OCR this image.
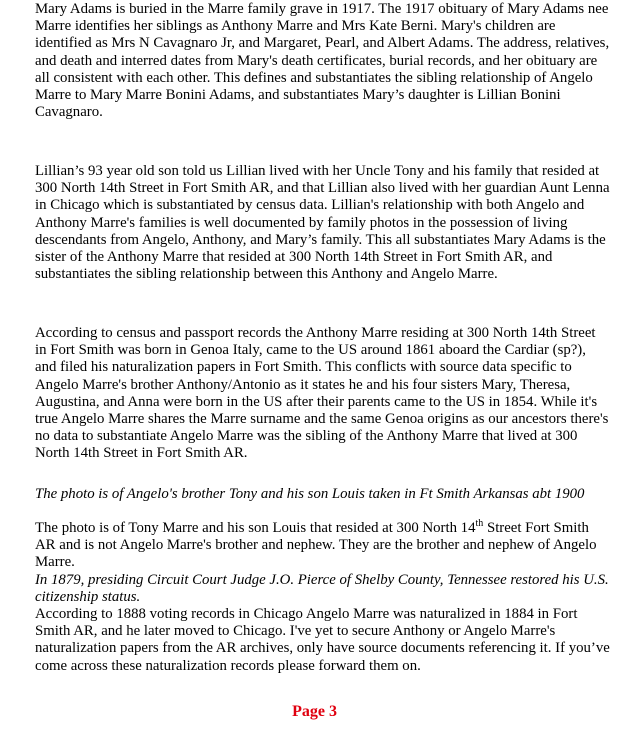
Mary Adams is buried in the Marre family grave in 1917. The 1917 obituary of Mary Adams nee Marre identifies her siblings as Anthony Marre and Mrs Kate Berni. Mary's children are identified as Mrs N Cavagnaro Jr, and Margaret, Pearl, and Albert Adams. The address, relatives, and death and interred dates from Mary's death certificates, burial records, and her obituary are all consistent with each other. This defines and substantiates the sibling relationship of Angelo Marre to Mary Marre Bonini Adams, and substantiates Mary’s daughter is Lillian Bonini Cavagnaro.

Lillian’s 93 year old son told us Lillian lived with her Uncle Tony and his family that resided at 300 North 14th Street in Fort Smith AR, and that Lillian also lived with her guardian Aunt Lenna in Chicago which is substantiated by census data. Lillian's relationship with both Angelo and Anthony Marre's families is well documented by family photos in the possession of living descendants from Angelo, Anthony, and Mary’s family. This all substantiates Mary Adams is the sister of the Anthony Marre that resided at 300 North 14th Street in Fort Smith AR, and substantiates the sibling relationship between this Anthony and Angelo Marre.

According to census and passport records the Anthony Marre residing at 300 North 14th Street in Fort Smith was born in Genoa Italy, came to the US around 1861 aboard the Cardiar (sp?), and filed his naturalization papers in Fort Smith. This conflicts with source data specific to Angelo Marre's brother Anthony/Antonio as it states he and his four sisters Mary, Theresa, Augustina, and Anna were born in the US after their parents came to the US in 1854. While it's true Angelo Marre shares the Marre surname and the same Genoa origins as our ancestors there's no data to substantiate Angelo Marre was the sibling of the Anthony Marre that lived at 300 North 14th Street in Fort Smith AR.

The photo is of Angelo's brother Tony and his son Louis taken in Ft Smith Arkansas abt 1900

The photo is of Tony Marre and his son Louis that resided at 300 North 14th Street Fort Smith AR and is not Angelo Marre's brother and nephew. They are the brother and nephew of Angelo Marre.

In 1879, presiding Circuit Court Judge J.O. Pierce of Shelby County, Tennessee restored his U.S. citizenship status.

According to 1888 voting records in Chicago Angelo Marre was naturalized in 1884 in Fort Smith AR, and he later moved to Chicago. I've yet to secure Anthony or Angelo Marre's naturalization papers from the AR archives, only have source documents referencing it. If you’ve come across these naturalization records please forward them on.

Page 3
